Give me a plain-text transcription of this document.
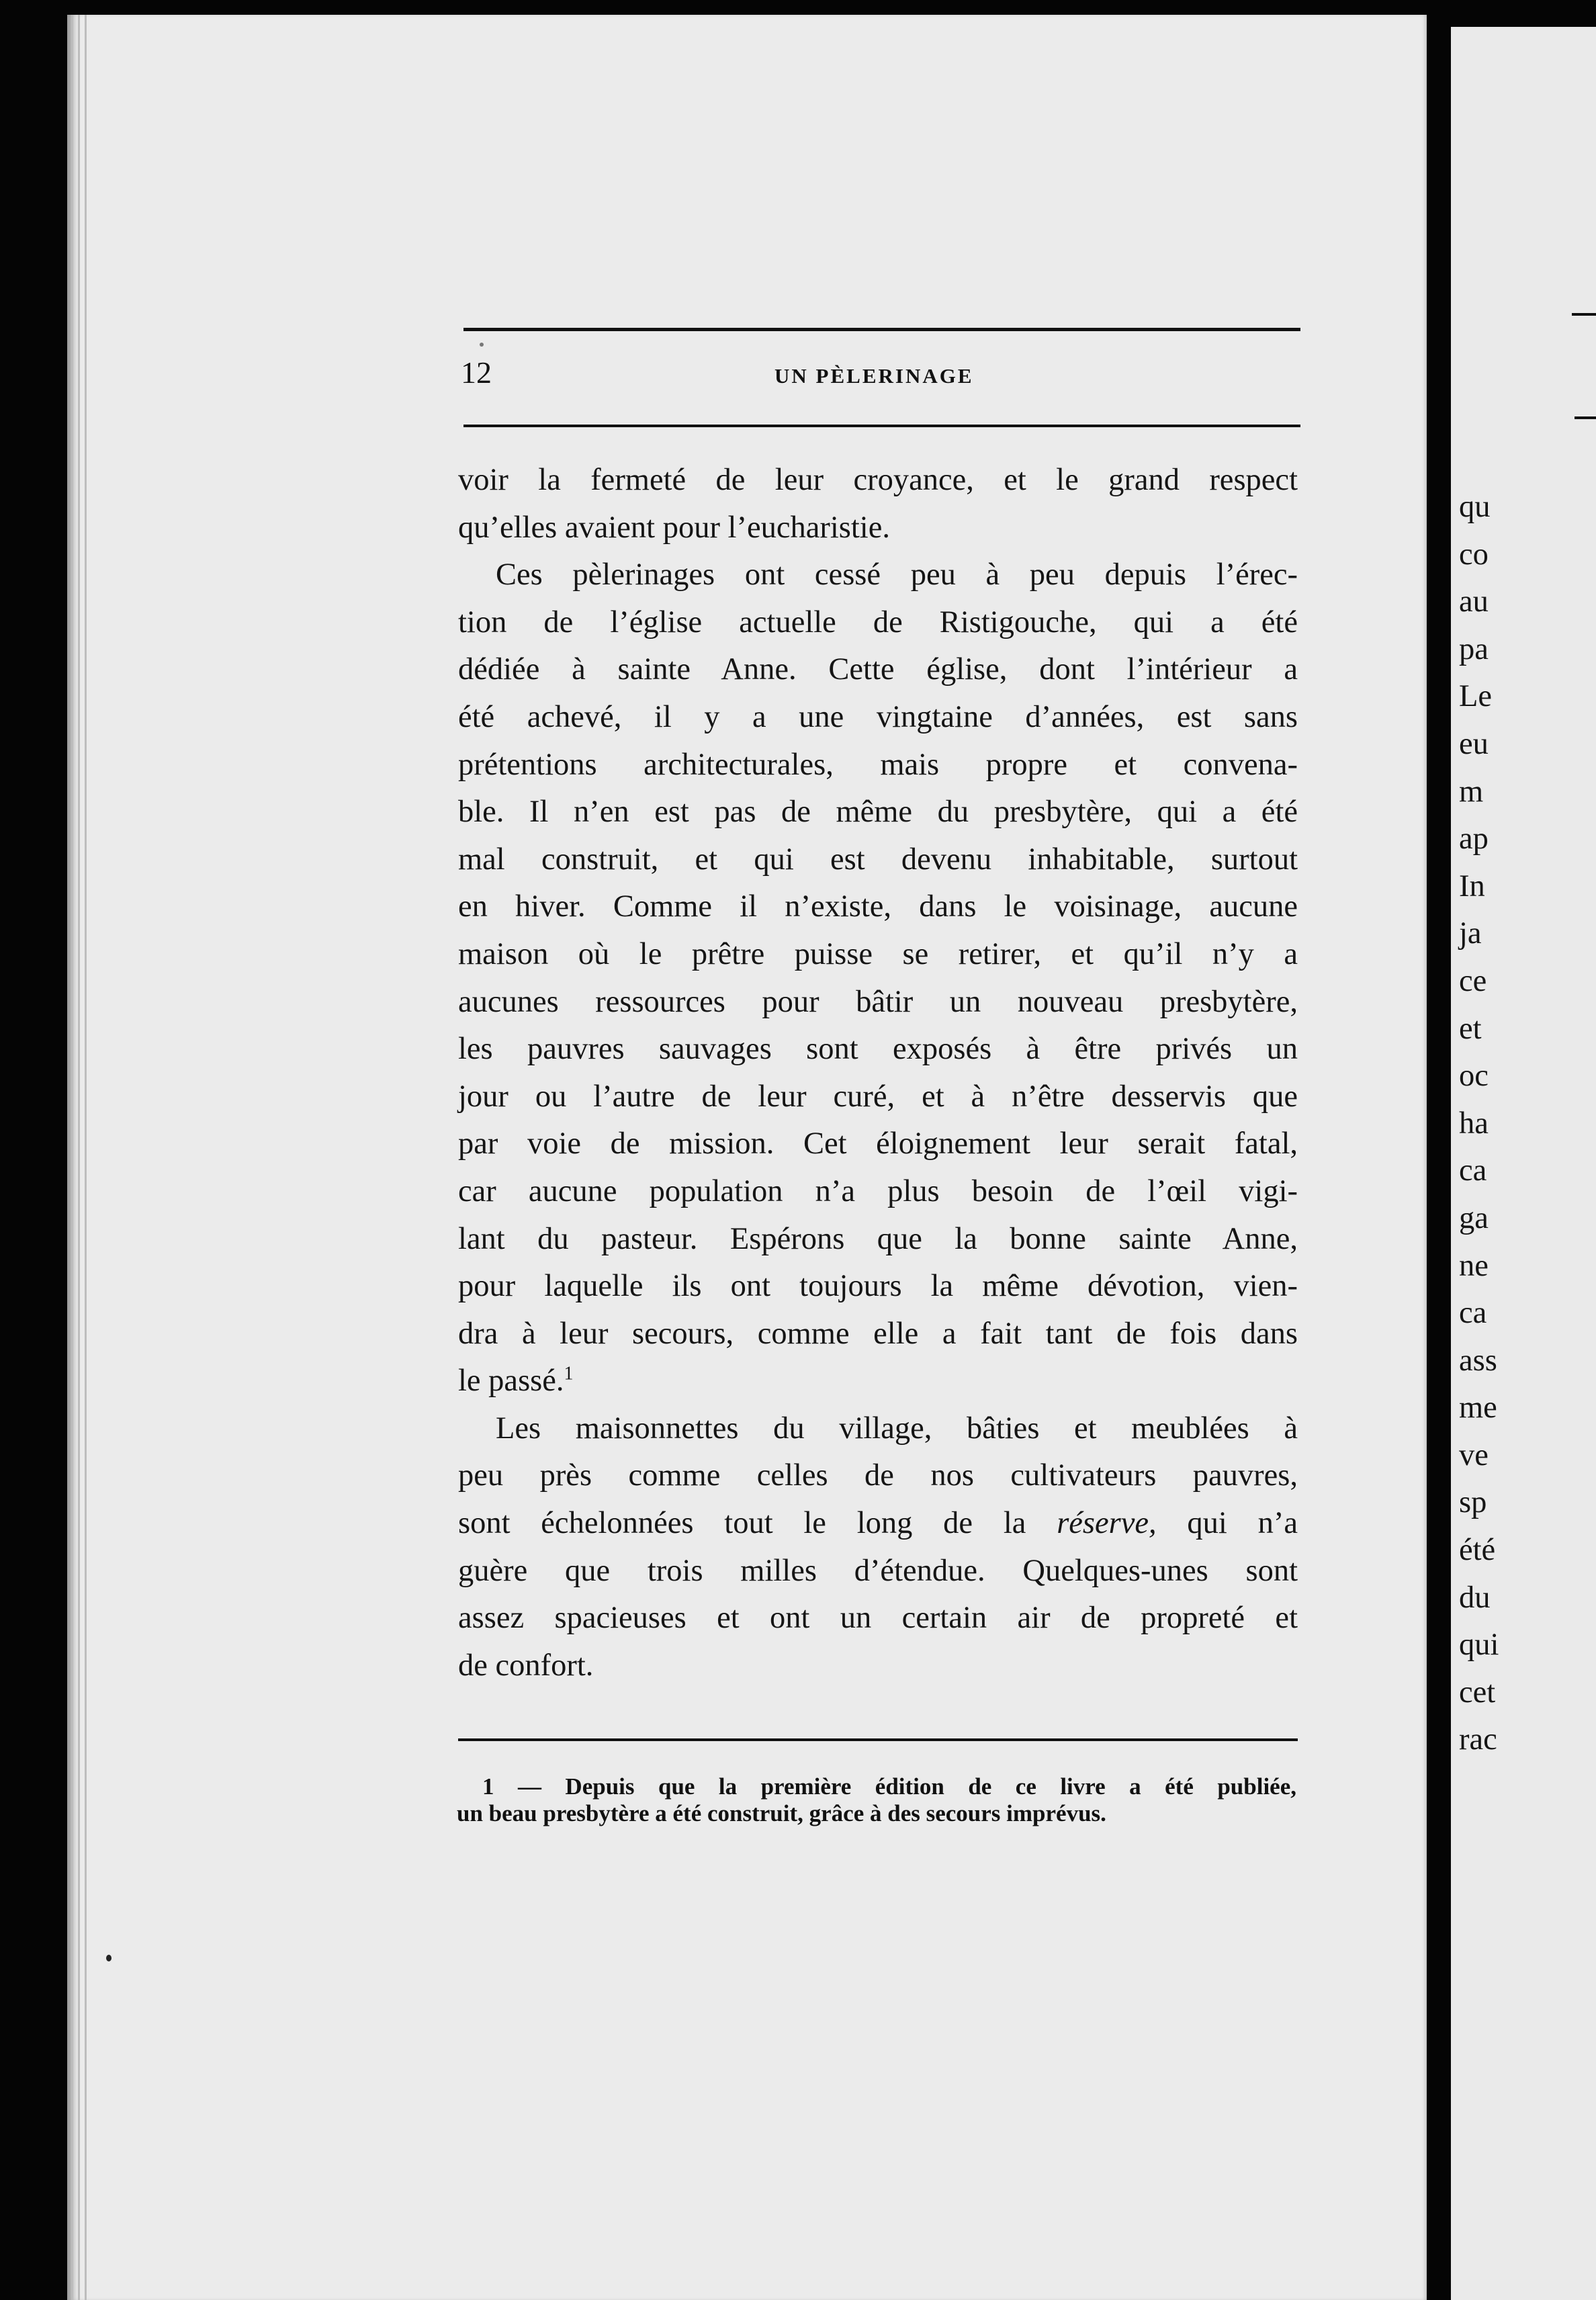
12	UN PÈLERINAGE
voir la fermeté de leur croyance, et le grand respect
qu’elles avaient pour l’eucharistie.
Ces pèlerinages ont cessé peu à peu depuis l’érec-
tion de l’église actuelle de Ristigouche, qui a été
dédiée à sainte Anne. Cette église, dont l’intérieur a
été achevé, il y a une vingtaine d’années, est sans
prétentions architecturales, mais propre et convena-
ble. Il n’en est pas de même du presbytère, qui a été
mal construit, et qui est devenu inhabitable, surtout
en hiver. Comme il n’existe, dans le voisinage, aucune
maison où le prêtre puisse se retirer, et qu’il n’y a
aucunes ressources pour bâtir un nouveau presbytère,
les pauvres sauvages sont exposés à être privés un
jour ou l’autre de leur curé, et à n’être desservis que
par voie de mission. Cet éloignement leur serait fatal,
car aucune population n’a plus besoin de l’œil vigi-
lant du pasteur. Espérons que la bonne sainte Anne,
pour laquelle ils ont toujours la même dévotion, vien-
dra à leur secours, comme elle a fait tant de fois dans
le passé.$^1$
Les maisonnettes du village, bâties et meublées à
peu près comme celles de nos cultivateurs pauvres,
sont échelonnées tout le long de la réserve, qui n’a
guère que trois milles d’étendue. Quelques-unes sont
assez spacieuses et ont un certain air de propreté et
de confort.
1 — Depuis que la première édition de ce livre a été publiée,
un beau presbytère a été construit, grâce à des secours imprévus.
qu
co
au
pa
Le
eu
m
ap
In
ja
ce
et
oc
ha
ca
ga
ne
ca
ass
me
ve
sp
été
du
qui
cet
rac
